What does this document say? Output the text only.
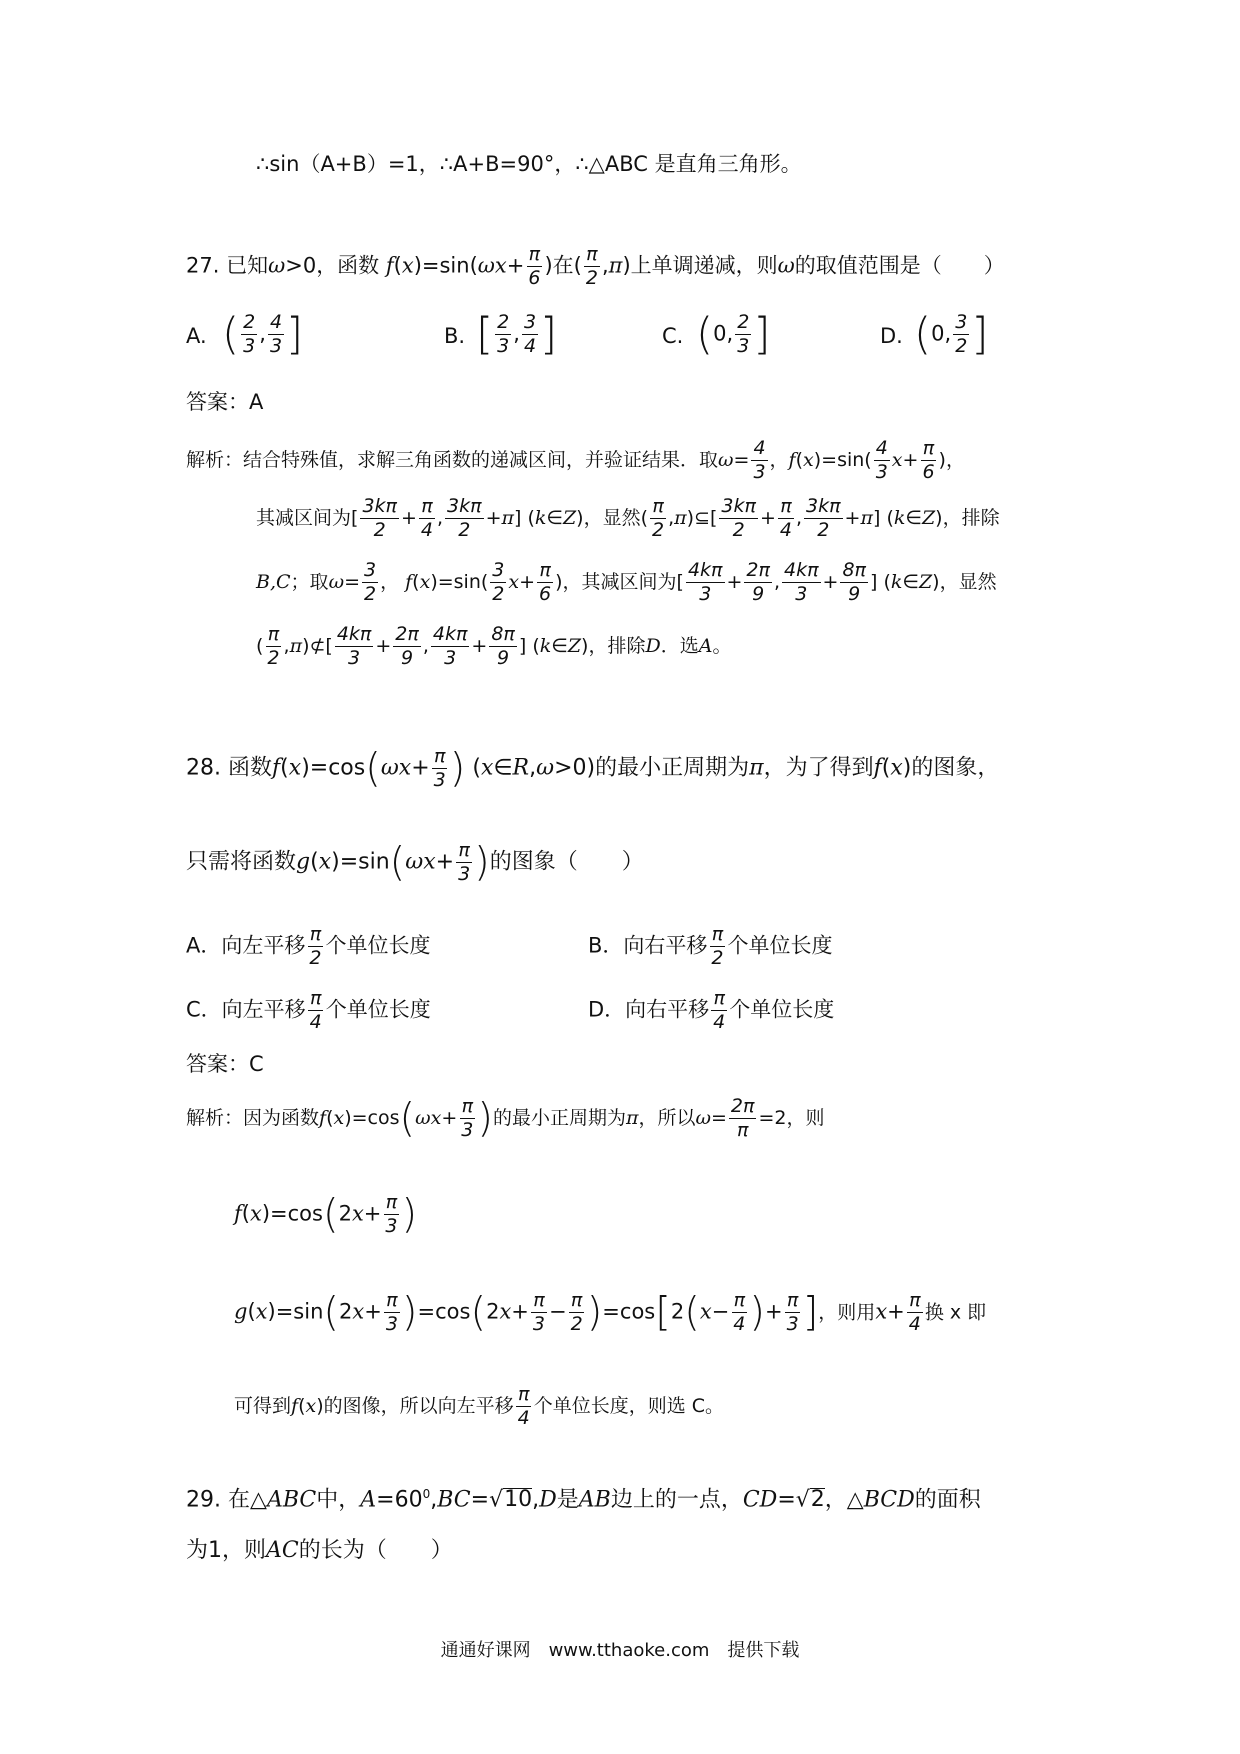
∴sin（A+B）=1，∴A+B=90°，∴△ABC 是直角三角形。
27. 已知ω>0，函数 $f(x)=\sin(\omega x+ \frac{\pi}{6}$ )在( $\frac{\pi}{2} ,\pi$)上单调递减，则ω的取值范围是（　　）
A. ( $\frac{2}{3}$ , $\frac{4}{3}$ ]	B. [ $\frac{2}{3}$ , $\frac{3}{4}$ ]	C. (0, $\frac{2}{3}$ ]	D. (0, $\frac{3}{2}$ ]
答案：A
解析：结合特殊值，求解三角函数的递减区间，并验证结果．取$\omega= \frac{4}{3}$ ，$f(x)=\sin( \frac{4}{3} x+ \frac{\pi}{6}$ )，
其减区间为[ $\frac{3k\pi}{2} + \frac{\pi}{4}$ , $\frac{3k\pi}{2} +\pi$] (k∈Z)，显然( $\frac{\pi}{2}$ ,π)⊆[ $\frac{3k\pi}{2} + \frac{\pi}{4}$ , $\frac{3k\pi}{2} +\pi$] (k∈Z)，排除
B,C；取$\omega= \frac{3}{2}$ ， $f(x)=\sin( \frac{3}{2} x+ \frac{\pi}{6}$ )，其减区间为[ $\frac{4k\pi}{3} + \frac{2\pi}{9}$ , $\frac{4k\pi}{3} + \frac{8\pi}{9}$ ] (k∈Z)，显然
( $\frac{\pi}{2}$ ,π)⊄[ $\frac{4k\pi}{3} + \frac{2\pi}{9}$ , $\frac{4k\pi}{3} + \frac{8\pi}{9}$ ] (k∈Z)，排除D．选A。
28. 函数$f(x)=\cos(\omega x+ \frac{\pi}{3}$ ) (x∈R,ω>0)的最小正周期为π，为了得到f(x)的图象，
只需将函数$g(x)=\sin(\omega x+ \frac{\pi}{3}$ )的图象（　　）
A．向左平移 $\frac{\pi}{2}$ 个单位长度	B．向右平移 $\frac{\pi}{2}$ 个单位长度
C．向左平移 $\frac{\pi}{4}$ 个单位长度	D．向右平移 $\frac{\pi}{4}$ 个单位长度
答案：C
解析：因为函数$f(x)=\cos(\omega x+ \frac{\pi}{3}$ )的最小正周期为π，所以$\omega= \frac{2\pi}{\pi} =2$，则
$f(x)=\cos(2x+ \frac{\pi}{3}$ )
$g(x)=\sin(2x+ \frac{\pi}{3} )=\cos(2x+ \frac{\pi}{3} - \frac{\pi}{2} )=\cos[2(x- \frac{\pi}{4}$ )+ $\frac{\pi}{3}$ ]，则用$x+ \frac{\pi}{4}$ 换 x 即
可得到f(x)的图像，所以向左平移 $\frac{\pi}{4}$ 个单位长度，则选 C。
29. 在△ABC中，$A=60^0,BC=√10,D$是AB边上的一点，CD=√2，△BCD的面积
为1，则AC的长为（　　）
通通好课网　www.tthaoke.com　提供下载
